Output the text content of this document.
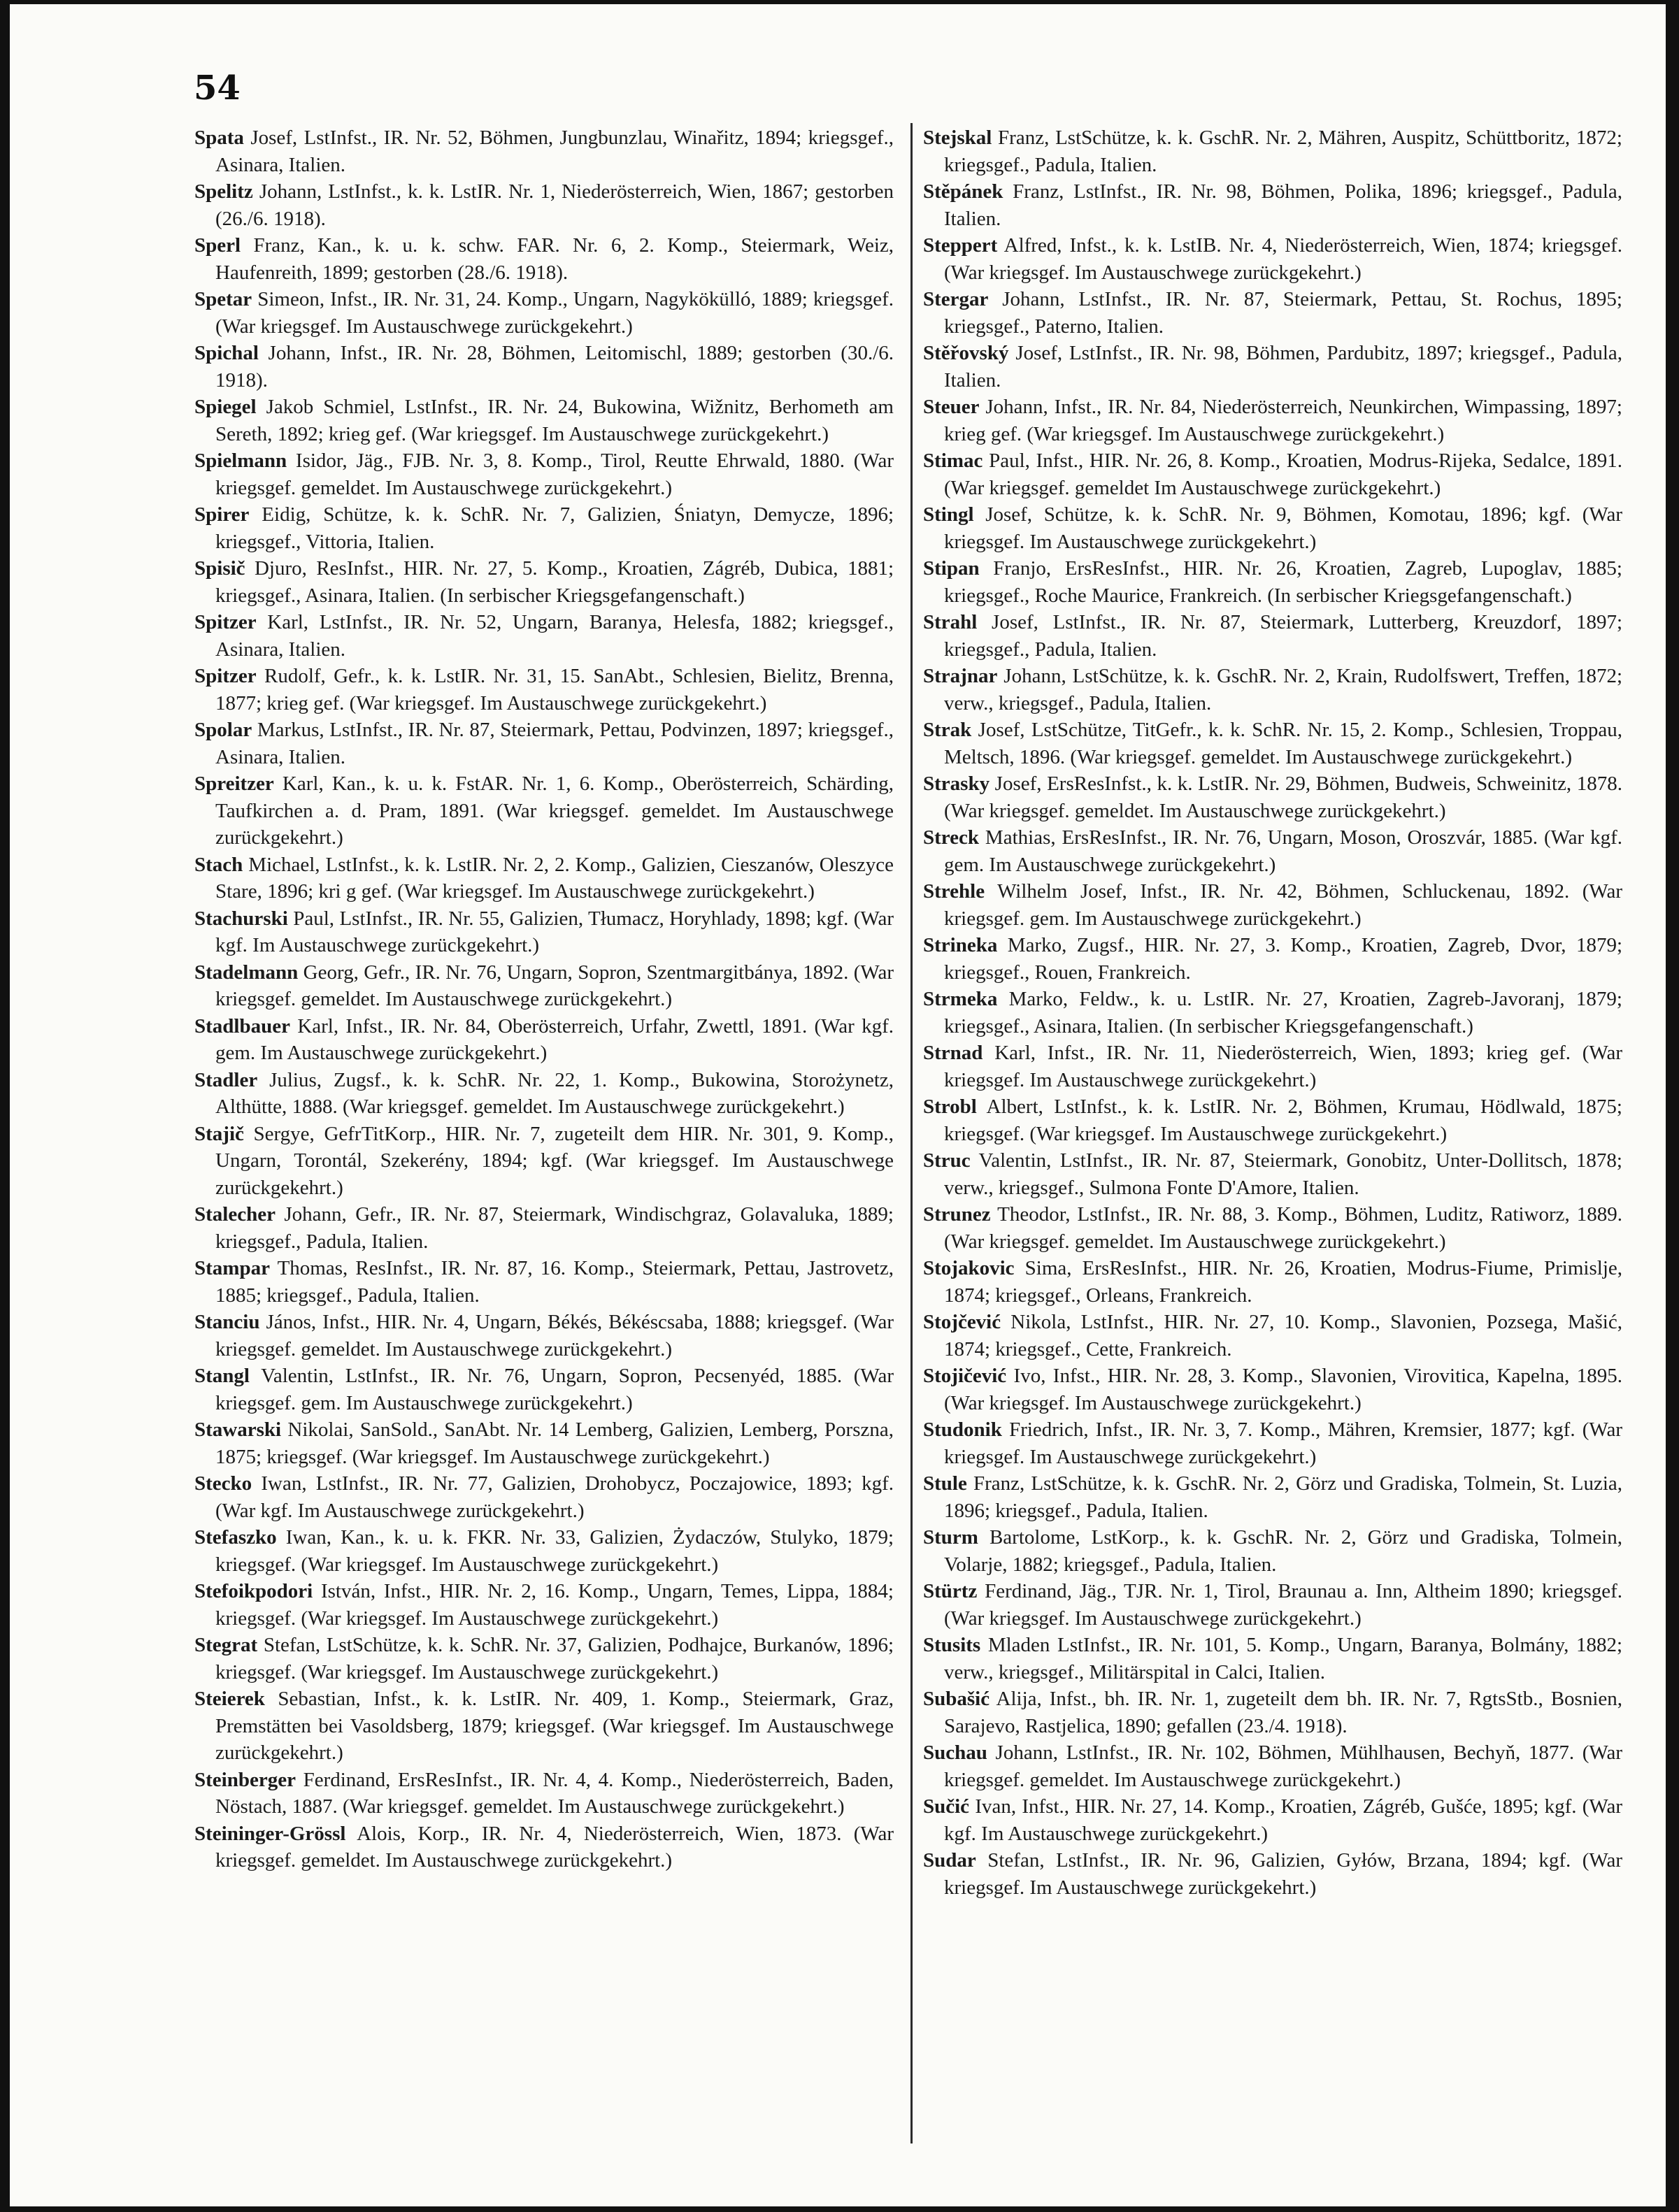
54

Spata Josef, LstInfst., IR. Nr. 52, Böhmen, Jungbunzlau, Winařitz, 1894; kriegsgef., Asinara, Italien.

Spelitz Johann, LstInfst., k. k. LstIR. Nr. 1, Niederösterreich, Wien, 1867; gestorben (26./6. 1918).

Sperl Franz, Kan., k. u. k. schw. FAR. Nr. 6, 2. Komp., Steiermark, Weiz, Haufenreith, 1899; gestorben (28./6. 1918).

Spetar Simeon, Infst., IR. Nr. 31, 24. Komp., Ungarn, Nagykökülló, 1889; kriegsgef. (War kriegsgef. Im Austauschwege zurückgekehrt.)

Spichal Johann, Infst., IR. Nr. 28, Böhmen, Leitomischl, 1889; gestorben (30./6. 1918).

Spiegel Jakob Schmiel, LstInfst., IR. Nr. 24, Bukowina, Wižnitz, Berhometh am Sereth, 1892; krieg gef. (War kriegsgef. Im Austauschwege zurückgekehrt.)

Spielmann Isidor, Jäg., FJB. Nr. 3, 8. Komp., Tirol, Reutte Ehrwald, 1880. (War kriegsgef. gemeldet. Im Austauschwege zurückgekehrt.)

Spirer Eidig, Schütze, k. k. SchR. Nr. 7, Galizien, Śniatyn, Demycze, 1896; kriegsgef., Vittoria, Italien.

Spisič Djuro, ResInfst., HIR. Nr. 27, 5. Komp., Kroatien, Zágréb, Dubica, 1881; kriegsgef., Asinara, Italien. (In serbischer Kriegsgefangenschaft.)

Spitzer Karl, LstInfst., IR. Nr. 52, Ungarn, Baranya, Helesfa, 1882; kriegsgef., Asinara, Italien.

Spitzer Rudolf, Gefr., k. k. LstIR. Nr. 31, 15. SanAbt., Schlesien, Bielitz, Brenna, 1877; krieg gef. (War kriegsgef. Im Austauschwege zurückgekehrt.)

Spolar Markus, LstInfst., IR. Nr. 87, Steiermark, Pettau, Podvinzen, 1897; kriegsgef., Asinara, Italien.

Spreitzer Karl, Kan., k. u. k. FstAR. Nr. 1, 6. Komp., Oberösterreich, Schärding, Taufkirchen a. d. Pram, 1891. (War kriegsgef. gemeldet. Im Austauschwege zurückgekehrt.)

Stach Michael, LstInfst., k. k. LstIR. Nr. 2, 2. Komp., Galizien, Cieszanów, Oleszyce Stare, 1896; kri g gef. (War kriegsgef. Im Austauschwege zurückgekehrt.)

Stachurski Paul, LstInfst., IR. Nr. 55, Galizien, Tłumacz, Horyhlady, 1898; kgf. (War kgf. Im Austauschwege zurückgekehrt.)

Stadelmann Georg, Gefr., IR. Nr. 76, Ungarn, Sopron, Szentmargitbánya, 1892. (War kriegsgef. gemeldet. Im Austauschwege zurückgekehrt.)

Stadlbauer Karl, Infst., IR. Nr. 84, Oberösterreich, Urfahr, Zwettl, 1891. (War kgf. gem. Im Austauschwege zurückgekehrt.)

Stadler Julius, Zugsf., k. k. SchR. Nr. 22, 1. Komp., Bukowina, Storożynetz, Althütte, 1888. (War kriegsgef. gemeldet. Im Austauschwege zurückgekehrt.)

Stajič Sergye, GefrTitKorp., HIR. Nr. 7, zugeteilt dem HIR. Nr. 301, 9. Komp., Ungarn, Torontál, Szekerény, 1894; kgf. (War kriegsgef. Im Austauschwege zurückgekehrt.)

Stalecher Johann, Gefr., IR. Nr. 87, Steiermark, Windischgraz, Golavaluka, 1889; kriegsgef., Padula, Italien.

Stampar Thomas, ResInfst., IR. Nr. 87, 16. Komp., Steiermark, Pettau, Jastrovetz, 1885; kriegsgef., Padula, Italien.

Stanciu János, Infst., HIR. Nr. 4, Ungarn, Békés, Békéscsaba, 1888; kriegsgef. (War kriegsgef. gemeldet. Im Austauschwege zurückgekehrt.)

Stangl Valentin, LstInfst., IR. Nr. 76, Ungarn, Sopron, Pecsenyéd, 1885. (War kriegsgef. gem. Im Austauschwege zurückgekehrt.)

Stawarski Nikolai, SanSold., SanAbt. Nr. 14 Lemberg, Galizien, Lemberg, Porszna, 1875; kriegsgef. (War kriegsgef. Im Austauschwege zurückgekehrt.)

Stecko Iwan, LstInfst., IR. Nr. 77, Galizien, Drohobycz, Poczajowice, 1893; kgf. (War kgf. Im Austauschwege zurückgekehrt.)

Stefaszko Iwan, Kan., k. u. k. FKR. Nr. 33, Galizien, Żydaczów, Stulyko, 1879; kriegsgef. (War kriegsgef. Im Austauschwege zurückgekehrt.)

Stefoikpodori István, Infst., HIR. Nr. 2, 16. Komp., Ungarn, Temes, Lippa, 1884; kriegsgef. (War kriegsgef. Im Austauschwege zurückgekehrt.)

Stegrat Stefan, LstSchütze, k. k. SchR. Nr. 37, Galizien, Podhajce, Burkanów, 1896; kriegsgef. (War kriegsgef. Im Austauschwege zurückgekehrt.)

Steierek Sebastian, Infst., k. k. LstIR. Nr. 409, 1. Komp., Steiermark, Graz, Premstätten bei Vasoldsberg, 1879; kriegsgef. (War kriegsgef. Im Austauschwege zurückgekehrt.)

Steinberger Ferdinand, ErsResInfst., IR. Nr. 4, 4. Komp., Niederösterreich, Baden, Nöstach, 1887. (War kriegsgef. gemeldet. Im Austauschwege zurückgekehrt.)

Steininger-Grössl Alois, Korp., IR. Nr. 4, Niederösterreich, Wien, 1873. (War kriegsgef. gemeldet. Im Austauschwege zurückgekehrt.)

Stejskal Franz, LstSchütze, k. k. GschR. Nr. 2, Mähren, Auspitz, Schüttboritz, 1872; kriegsgef., Padula, Italien.

Stěpánek Franz, LstInfst., IR. Nr. 98, Böhmen, Polika, 1896; kriegsgef., Padula, Italien.

Steppert Alfred, Infst., k. k. LstIB. Nr. 4, Niederösterreich, Wien, 1874; kriegsgef. (War kriegsgef. Im Austauschwege zurückgekehrt.)

Stergar Johann, LstInfst., IR. Nr. 87, Steiermark, Pettau, St. Rochus, 1895; kriegsgef., Paterno, Italien.

Stěřovský Josef, LstInfst., IR. Nr. 98, Böhmen, Pardubitz, 1897; kriegsgef., Padula, Italien.

Steuer Johann, Infst., IR. Nr. 84, Niederösterreich, Neunkirchen, Wimpassing, 1897; krieg gef. (War kriegsgef. Im Austauschwege zurückgekehrt.)

Stimac Paul, Infst., HIR. Nr. 26, 8. Komp., Kroatien, Modrus-Rijeka, Sedalce, 1891. (War kriegsgef. gemeldet Im Austauschwege zurückgekehrt.)

Stingl Josef, Schütze, k. k. SchR. Nr. 9, Böhmen, Komotau, 1896; kgf. (War kriegsgef. Im Austauschwege zurückgekehrt.)

Stipan Franjo, ErsResInfst., HIR. Nr. 26, Kroatien, Zagreb, Lupoglav, 1885; kriegsgef., Roche Maurice, Frankreich. (In serbischer Kriegsgefangenschaft.)

Strahl Josef, LstInfst., IR. Nr. 87, Steiermark, Lutterberg, Kreuzdorf, 1897; kriegsgef., Padula, Italien.

Strajnar Johann, LstSchütze, k. k. GschR. Nr. 2, Krain, Rudolfswert, Treffen, 1872; verw., kriegsgef., Padula, Italien.

Strak Josef, LstSchütze, TitGefr., k. k. SchR. Nr. 15, 2. Komp., Schlesien, Troppau, Meltsch, 1896. (War kriegsgef. gemeldet. Im Austauschwege zurückgekehrt.)

Strasky Josef, ErsResInfst., k. k. LstIR. Nr. 29, Böhmen, Budweis, Schweinitz, 1878. (War kriegsgef. gemeldet. Im Austauschwege zurückgekehrt.)

Streck Mathias, ErsResInfst., IR. Nr. 76, Ungarn, Moson, Oroszvár, 1885. (War kgf. gem. Im Austauschwege zurückgekehrt.)

Strehle Wilhelm Josef, Infst., IR. Nr. 42, Böhmen, Schluckenau, 1892. (War kriegsgef. gem. Im Austauschwege zurückgekehrt.)

Strineka Marko, Zugsf., HIR. Nr. 27, 3. Komp., Kroatien, Zagreb, Dvor, 1879; kriegsgef., Rouen, Frankreich.

Strmeka Marko, Feldw., k. u. LstIR. Nr. 27, Kroatien, Zagreb-Javoranj, 1879; kriegsgef., Asinara, Italien. (In serbischer Kriegsgefangenschaft.)

Strnad Karl, Infst., IR. Nr. 11, Niederösterreich, Wien, 1893; krieg gef. (War kriegsgef. Im Austauschwege zurückgekehrt.)

Strobl Albert, LstInfst., k. k. LstIR. Nr. 2, Böhmen, Krumau, Hödlwald, 1875; kriegsgef. (War kriegsgef. Im Austauschwege zurückgekehrt.)

Struc Valentin, LstInfst., IR. Nr. 87, Steiermark, Gonobitz, Unter-Dollitsch, 1878; verw., kriegsgef., Sulmona Fonte D'Amore, Italien.

Strunez Theodor, LstInfst., IR. Nr. 88, 3. Komp., Böhmen, Luditz, Ratiworz, 1889. (War kriegsgef. gemeldet. Im Austauschwege zurückgekehrt.)

Stojakovic Sima, ErsResInfst., HIR. Nr. 26, Kroatien, Modrus-Fiume, Primislje, 1874; kriegsgef., Orleans, Frankreich.

Stojčević Nikola, LstInfst., HIR. Nr. 27, 10. Komp., Slavonien, Pozsega, Mašić, 1874; kriegsgef., Cette, Frankreich.

Stojičević Ivo, Infst., HIR. Nr. 28, 3. Komp., Slavonien, Virovitica, Kapelna, 1895. (War kriegsgef. Im Austauschwege zurückgekehrt.)

Studonik Friedrich, Infst., IR. Nr. 3, 7. Komp., Mähren, Kremsier, 1877; kgf. (War kriegsgef. Im Austauschwege zurückgekehrt.)

Stule Franz, LstSchütze, k. k. GschR. Nr. 2, Görz und Gradiska, Tolmein, St. Luzia, 1896; kriegsgef., Padula, Italien.

Sturm Bartolome, LstKorp., k. k. GschR. Nr. 2, Görz und Gradiska, Tolmein, Volarje, 1882; kriegsgef., Padula, Italien.

Stürtz Ferdinand, Jäg., TJR. Nr. 1, Tirol, Braunau a. Inn, Altheim 1890; kriegsgef. (War kriegsgef. Im Austauschwege zurückgekehrt.)

Stusits Mladen LstInfst., IR. Nr. 101, 5. Komp., Ungarn, Baranya, Bolmány, 1882; verw., kriegsgef., Militärspital in Calci, Italien.

Subašić Alija, Infst., bh. IR. Nr. 1, zugeteilt dem bh. IR. Nr. 7, RgtsStb., Bosnien, Sarajevo, Rastjelica, 1890; gefallen (23./4. 1918).

Suchau Johann, LstInfst., IR. Nr. 102, Böhmen, Mühlhausen, Bechyň, 1877. (War kriegsgef. gemeldet. Im Austauschwege zurückgekehrt.)

Sučić Ivan, Infst., HIR. Nr. 27, 14. Komp., Kroatien, Zágréb, Gušće, 1895; kgf. (War kgf. Im Austauschwege zurückgekehrt.)

Sudar Stefan, LstInfst., IR. Nr. 96, Galizien, Gyłów, Brzana, 1894; kgf. (War kriegsgef. Im Austauschwege zurückgekehrt.)
